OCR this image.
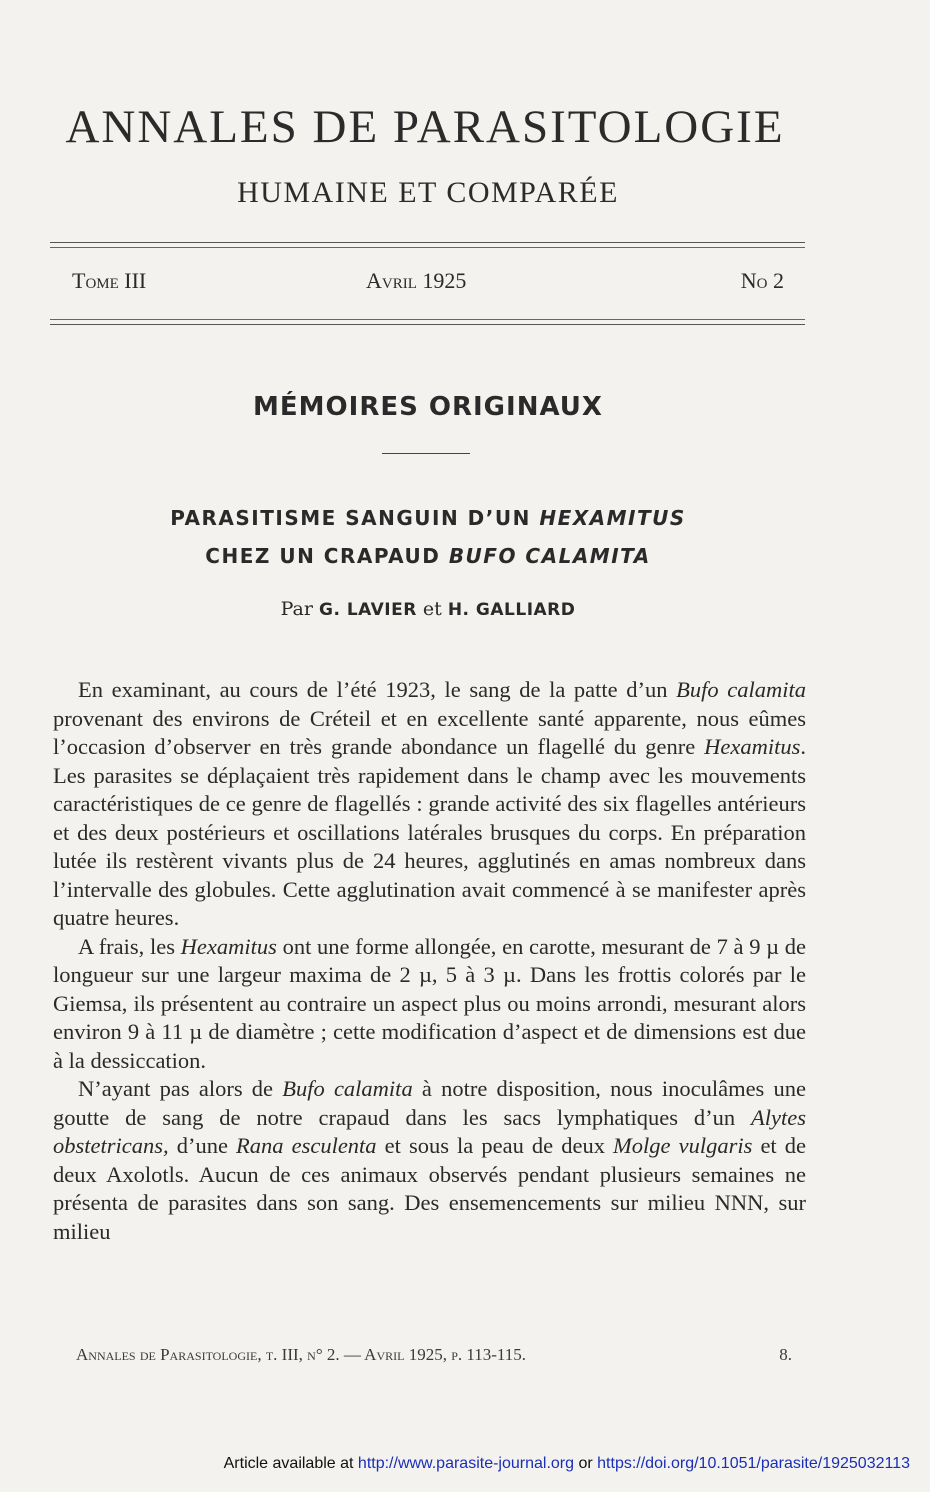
ANNALES DE PARASITOLOGIE
HUMAINE ET COMPARÉE
Tome III	Avril 1925	No 2
MÉMOIRES ORIGINAUX
PARASITISME SANGUIN D’UN HEXAMITUS
CHEZ UN CRAPAUD BUFO CALAMITA
Par G. LAVIER et H. GALLIARD

En examinant, au cours de l’été 1923, le sang de la patte d’un Bufo calamita provenant des environs de Créteil et en excellente santé apparente, nous eûmes l’occasion d’observer en très grande abondance un flagellé du genre Hexamitus. Les parasites se déplaçaient très rapidement dans le champ avec les mouvements caractéristiques de ce genre de flagellés : grande activité des six flagelles antérieurs et des deux postérieurs et oscillations latérales brusques du corps. En préparation lutée ils restèrent vivants plus de 24 heures, agglutinés en amas nombreux dans l’intervalle des globules. Cette agglutination avait commencé à se manifester après quatre heures.

A frais, les Hexamitus ont une forme allongée, en carotte, mesurant de 7 à 9 µ de longueur sur une largeur maxima de 2 µ, 5 à 3 µ. Dans les frottis colorés par le Giemsa, ils présentent au contraire un aspect plus ou moins arrondi, mesurant alors environ 9 à 11 µ de diamètre ; cette modification d’aspect et de dimensions est due à la dessiccation.

N’ayant pas alors de Bufo calamita à notre disposition, nous inoculâmes une goutte de sang de notre crapaud dans les sacs lymphatiques d’un Alytes obstetricans, d’une Rana esculenta et sous la peau de deux Molge vulgaris et de deux Axolotls. Aucun de ces animaux observés pendant plusieurs semaines ne présenta de parasites dans son sang. Des ensemencements sur milieu NNN, sur milieu

Annales de Parasitologie, t. III, n° 2. — Avril 1925, p. 113-115.	8.
Article available at http://www.parasite-journal.org or https://doi.org/10.1051/parasite/1925032113
